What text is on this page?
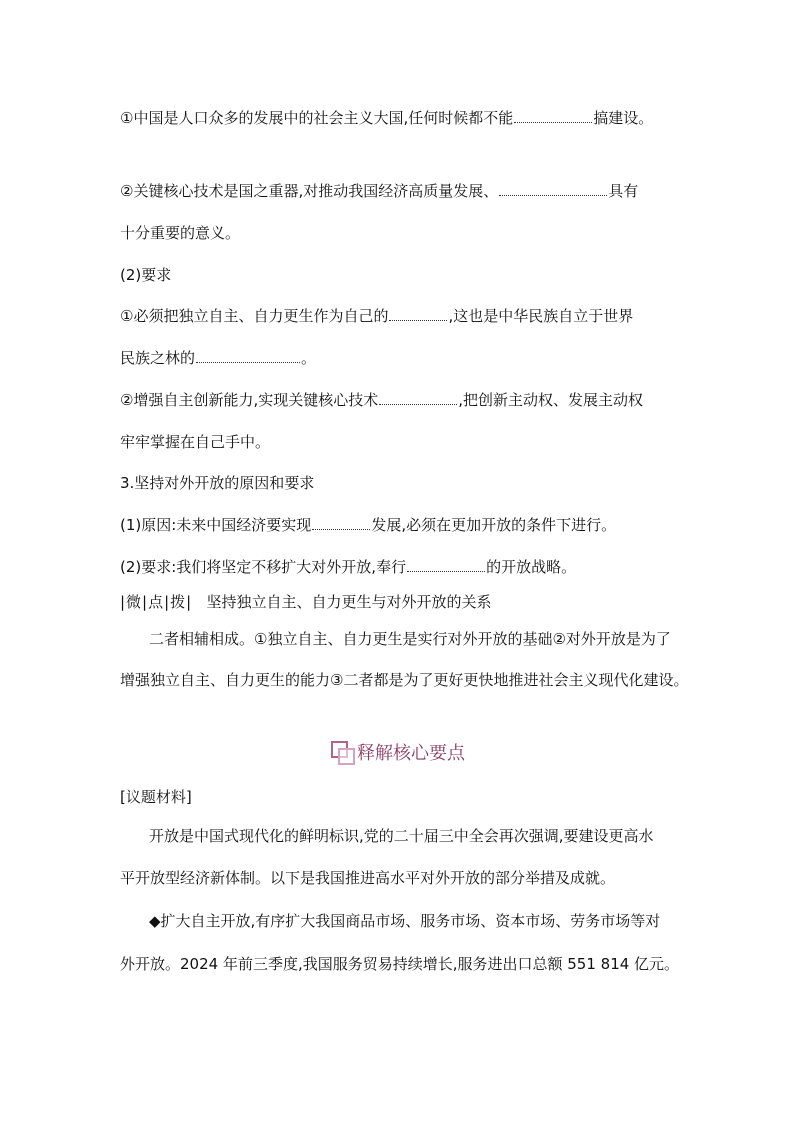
①中国是人口众多的发展中的社会主义大国,任何时候都不能	搞建设。
②关键核心技术是国之重器,对推动我国经济高质量发展、	具有
十分重要的意义。
(2)要求
①必须把独立自主、自力更生作为自己的	,这也是中华民族自立于世界
民族之林的	。
②增强自主创新能力,实现关键核心技术	,把创新主动权、发展主动权
牢牢掌握在自己手中。
3.坚持对外开放的原因和要求
(1)原因:未来中国经济要实现	发展,必须在更加开放的条件下进行。
(2)要求:我们将坚定不移扩大对外开放,奉行	的开放战略。
|微|点|拨| 坚持独立自主、自力更生与对外开放的关系
二者相辅相成。①独立自主、自力更生是实行对外开放的基础②对外开放是为了
增强独立自主、自力更生的能力③二者都是为了更好更快地推进社会主义现代化建设。
释解核心要点
[议题材料]
开放是中国式现代化的鲜明标识,党的二十届三中全会再次强调,要建设更高水
平开放型经济新体制。以下是我国推进高水平对外开放的部分举措及成就。
◆扩大自主开放,有序扩大我国商品市场、服务市场、资本市场、劳务市场等对
外开放。2024 年前三季度,我国服务贸易持续增长,服务进出口总额 551 814 亿元。
